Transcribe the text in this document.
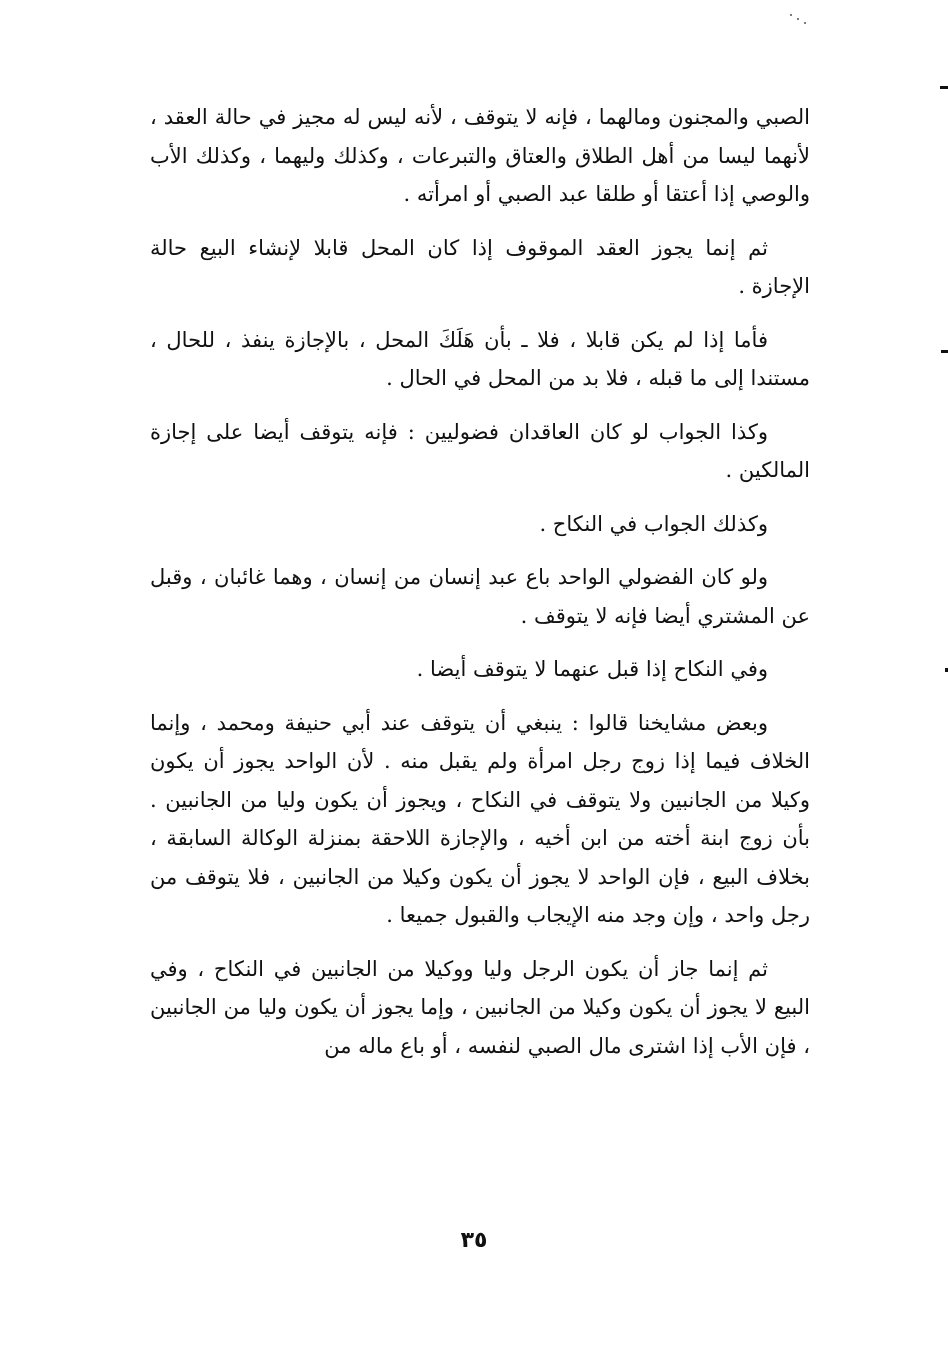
الصبي والمجنون ومالهما ، فإنه لا يتوقف ، لأنه ليس له مجيز في حالة العقد ، لأنهما ليسا من أهل الطلاق والعتاق والتبرعات ، وكذلك وليهما ، وكذلك الأب والوصي إذا أعتقا أو طلقا عبد الصبي أو امرأته .

ثم إنما يجوز العقد الموقوف إذا كان المحل قابلا لإنشاء البيع حالة الإجازة .

فأما إذا لم يكن قابلا ، فلا ـ بأن هَلَكَ المحل ، بالإجازة ينفذ ، للحال ، مستندا إلى ما قبله ، فلا بد من المحل في الحال .

وكذا الجواب لو كان العاقدان فضوليين : فإنه يتوقف أيضا على إجازة المالكين .

وكذلك الجواب في النكاح .

ولو كان الفضولي الواحد باع عبد إنسان من إنسان ، وهما غائبان ، وقبل عن المشتري أيضا فإنه لا يتوقف .

وفي النكاح إذا قبل عنهما لا يتوقف أيضا .

وبعض مشايخنا قالوا : ينبغي أن يتوقف عند أبي حنيفة ومحمد ، وإنما الخلاف فيما إذا زوج رجل امرأة ولم يقبل منه . لأن الواحد يجوز أن يكون وكيلا من الجانبين ولا يتوقف في النكاح ، ويجوز أن يكون وليا من الجانبين . بأن زوج ابنة أخته من ابن أخيه ، والإجازة اللاحقة بمنزلة الوكالة السابقة ، بخلاف البيع ، فإن الواحد لا يجوز أن يكون وكيلا من الجانبين ، فلا يتوقف من رجل واحد ، وإن وجد منه الإيجاب والقبول جميعا .

ثم إنما جاز أن يكون الرجل وليا ووكيلا من الجانبين في النكاح ، وفي البيع لا يجوز أن يكون وكيلا من الجانبين ، وإما يجوز أن يكون وليا من الجانبين ، فإن الأب إذا اشترى مال الصبي لنفسه ، أو باع ماله من

٣٥
